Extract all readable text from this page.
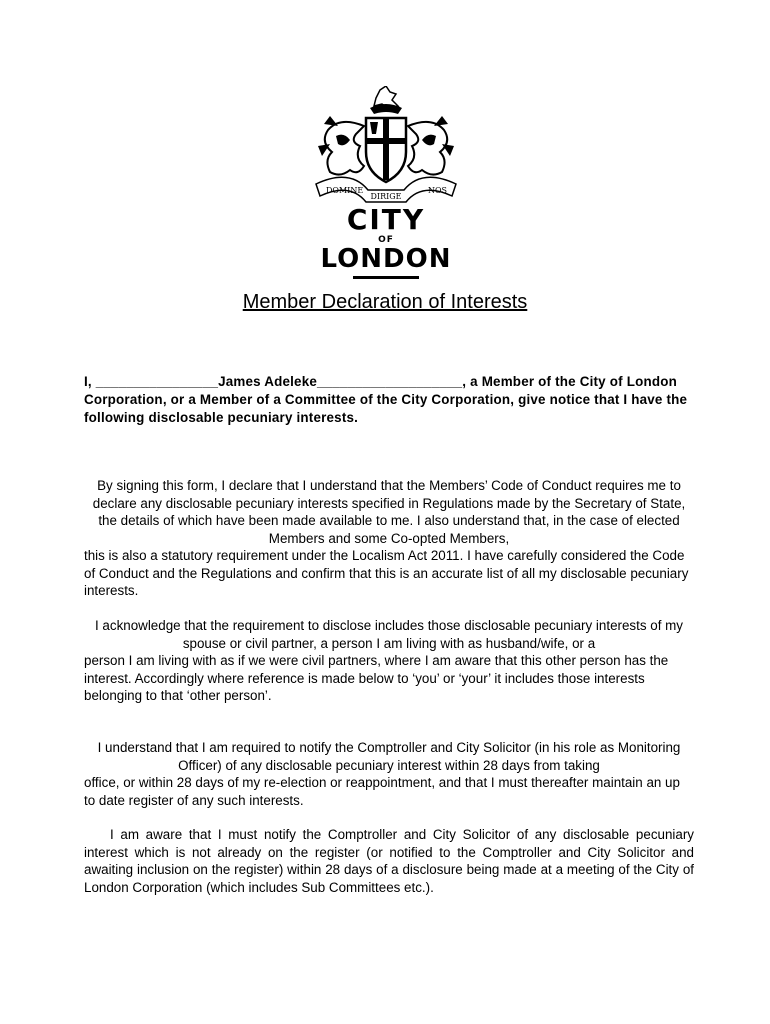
DOMINE	NOS
DIRIGE
CITY
OF
LONDON
Member Declaration of Interests
I, ________________James Adeleke___________________, a Member of the City of London Corporation, or a Member of a Committee of the City Corporation, give notice that I have the following disclosable pecuniary interests.

By signing this form, I declare that I understand that the Members’ Code of Conduct requires me to declare any disclosable pecuniary interests specified in Regulations made by the Secretary of State, the details of which have been made available to me. I also understand that, in the case of elected Members and some Co-opted Members,

this is also a statutory requirement under the Localism Act 2011. I have carefully considered the Code of Conduct and the Regulations and confirm that this is an accurate list of all my disclosable pecuniary interests.

I acknowledge that the requirement to disclose includes those disclosable pecuniary interests of my spouse or civil partner, a person I am living with as husband/wife, or a

person I am living with as if we were civil partners, where I am aware that this other person has the interest. Accordingly where reference is made below to ‘you’ or ‘your’ it includes those interests belonging to that ‘other person’.

I understand that I am required to notify the Comptroller and City Solicitor (in his role as Monitoring Officer) of any disclosable pecuniary interest within 28 days from taking

office, or within 28 days of my re-election or reappointment, and that I must thereafter maintain an up to date register of any such interests.

I am aware that I must notify the Comptroller and City Solicitor of any disclosable pecuniary interest which is not already on the register (or notified to the Comptroller and City Solicitor and awaiting inclusion on the register) within 28 days of a disclosure being made at a meeting of the City of London Corporation (which includes Sub Committees etc.).
